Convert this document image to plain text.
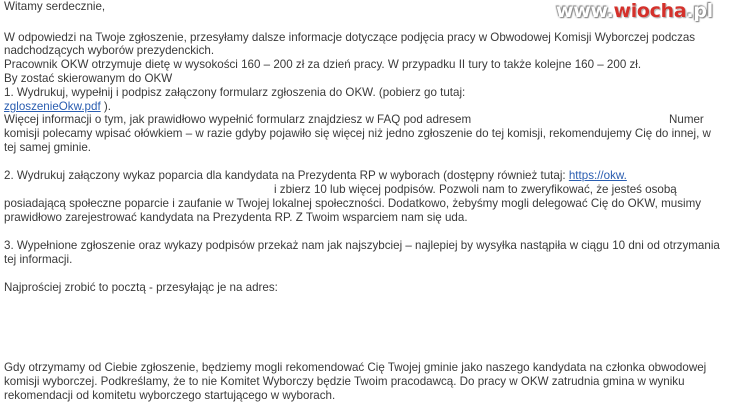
www.wiocha.pl
Witamy serdecznie,
W odpowiedzi na Twoje zgłoszenie, przesyłamy dalsze informacje dotyczące podjęcia pracy w Obwodowej Komisji Wyborczej podczas
nadchodzących wyborów prezydenckich.
Pracownik OKW otrzymuje dietę w wysokości 160 – 200 zł za dzień pracy. W przypadku II tury to także kolejne 160 – 200 zł.
By zostać skierowanym do OKW
1. Wydrukuj, wypełnij i podpisz załączony formularz zgłoszenia do OKW. (pobierz go tutaj:
zgloszenieOkw.pdf ).
Więcej informacji o tym, jak prawidłowo wypełnić formularz znajdziesz w FAQ pod adresem	Numer
komisji polecamy wpisać ołówkiem – w razie gdyby pojawiło się więcej niż jedno zgłoszenie do tej komisji, rekomendujemy Cię do innej, w
tej samej gminie.
2. Wydrukuj załączony wykaz poparcia dla kandydata na Prezydenta RP w wyborach (dostępny również tutaj: https://okw.
i zbierz 10 lub więcej podpisów. Pozwoli nam to zweryfikować, że jesteś osobą
posiadającą społeczne poparcie i zaufanie w Twojej lokalnej społeczności. Dodatkowo, żebyśmy mogli delegować Cię do OKW, musimy
prawidłowo zarejestrować kandydata na Prezydenta RP. Z Twoim wsparciem nam się uda.
3. Wypełnione zgłoszenie oraz wykazy podpisów przekaż nam jak najszybciej – najlepiej by wysyłka nastąpiła w ciągu 10 dni od otrzymania
tej informacji.
Najprościej zrobić to pocztą - przesyłając je na adres:
Gdy otrzymamy od Ciebie zgłoszenie, będziemy mogli rekomendować Cię Twojej gminie jako naszego kandydata na członka obwodowej
komisji wyborczej. Podkreślamy, że to nie Komitet Wyborczy będzie Twoim pracodawcą. Do pracy w OKW zatrudnia gmina w wyniku
rekomendacji od komitetu wyborczego startującego w wyborach.
